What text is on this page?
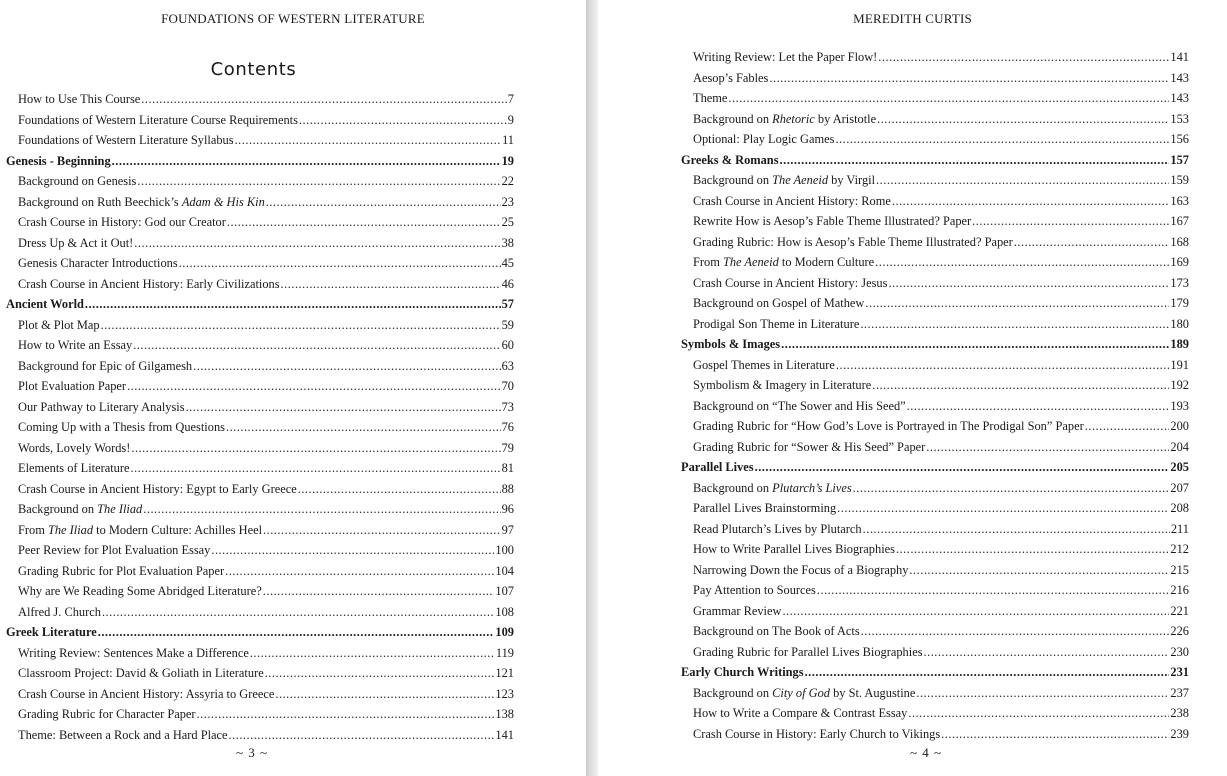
FOUNDATIONS OF WESTERN LITERATURE
Contents
How to Use This Course .....	7
Foundations of Western Literature Course Requirements .....	9
Foundations of Western Literature Syllabus .....	11
Genesis - Beginning .....	19
Background on Genesis .....	22
Background on Ruth Beechick’s Adam & His Kin .....	23
Crash Course in History: God our Creator .....	25
Dress Up & Act it Out! .....	38
Genesis Character Introductions .....	45
Crash Course in Ancient History: Early Civilizations .....	46
Ancient World .....	57
Plot & Plot Map .....	59
How to Write an Essay .....	60
Background for Epic of Gilgamesh .....	63
Plot Evaluation Paper .....	70
Our Pathway to Literary Analysis .....	73
Coming Up with a Thesis from Questions .....	76
Words, Lovely Words! .....	79
Elements of Literature .....	81
Crash Course in Ancient History: Egypt to Early Greece .....	88
Background on The Iliad .....	96
From The Iliad to Modern Culture: Achilles Heel .....	97
Peer Review for Plot Evaluation Essay .....	100
Grading Rubric for Plot Evaluation Paper .....	104
Why are We Reading Some Abridged Literature? .....	107
Alfred J. Church .....	108
Greek Literature .....	109
Writing Review: Sentences Make a Difference .....	119
Classroom Project: David & Goliath in Literature .....	121
Crash Course in Ancient History: Assyria to Greece .....	123
Grading Rubric for Character Paper .....	138
Theme: Between a Rock and a Hard Place .....	141
~ 3 ~
MEREDITH CURTIS
~ 4 ~
Writing Review: Let the Paper Flow! .....	141
Aesop’s Fables .....	143
Theme .....	143
Background on Rhetoric by Aristotle .....	153
Optional: Play Logic Games .....	156
Greeks & Romans .....	157
Background on The Aeneid by Virgil .....	159
Crash Course in Ancient History: Rome .....	163
Rewrite How is Aesop’s Fable Theme Illustrated? Paper .....	167
Grading Rubric: How is Aesop’s Fable Theme Illustrated? Paper .....	168
From The Aeneid to Modern Culture .....	169
Crash Course in Ancient History: Jesus .....	173
Background on Gospel of Mathew .....	179
Prodigal Son Theme in Literature .....	180
Symbols & Images .....	189
Gospel Themes in Literature .....	191
Symbolism & Imagery in Literature .....	192
Background on “The Sower and His Seed” .....	193
Grading Rubric for “How God’s Love is Portrayed in The Prodigal Son” Paper .....	200
Grading Rubric for “Sower & His Seed” Paper .....	204
Parallel Lives .....	205
Background on Plutarch’s Lives .....	207
Parallel Lives Brainstorming .....	208
Read Plutarch’s Lives by Plutarch .....	211
How to Write Parallel Lives Biographies .....	212
Narrowing Down the Focus of a Biography .....	215
Pay Attention to Sources .....	216
Grammar Review .....	221
Background on The Book of Acts .....	226
Grading Rubric for Parallel Lives Biographies .....	230
Early Church Writings .....	231
Background on City of God by St. Augustine .....	237
How to Write a Compare & Contrast Essay .....	238
Crash Course in History: Early Church to Vikings .....	239
